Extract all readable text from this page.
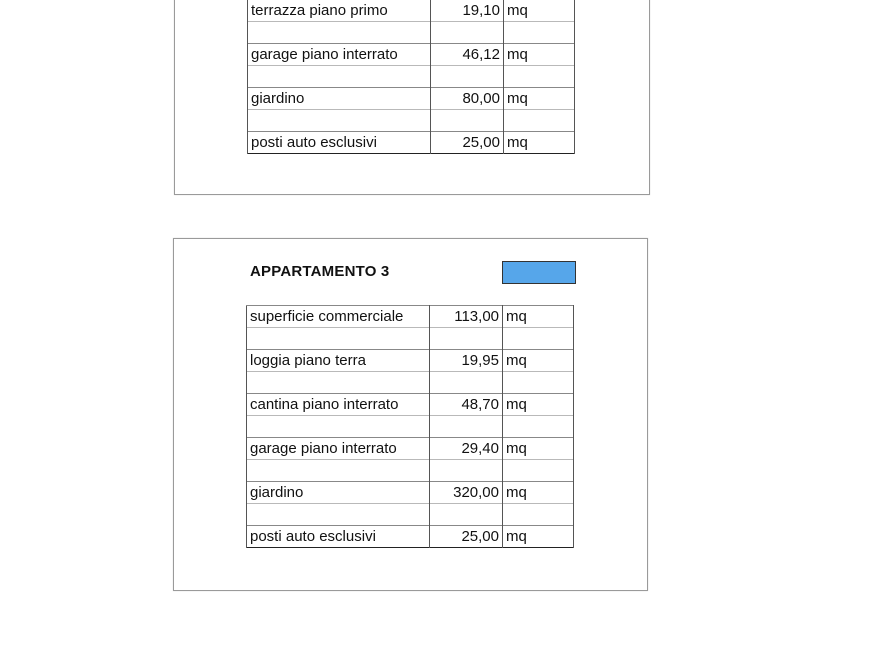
terrazza piano primo	19,10	mq

garage piano interrato	46,12	mq

giardino	80,00	mq

posti auto esclusivi	25,00	mq
APPARTAMENTO 3
superficie commerciale	113,00	mq

loggia piano terra	19,95	mq

cantina piano interrato	48,70	mq

garage piano interrato	29,40	mq

giardino	320,00	mq

posti auto esclusivi	25,00	mq
